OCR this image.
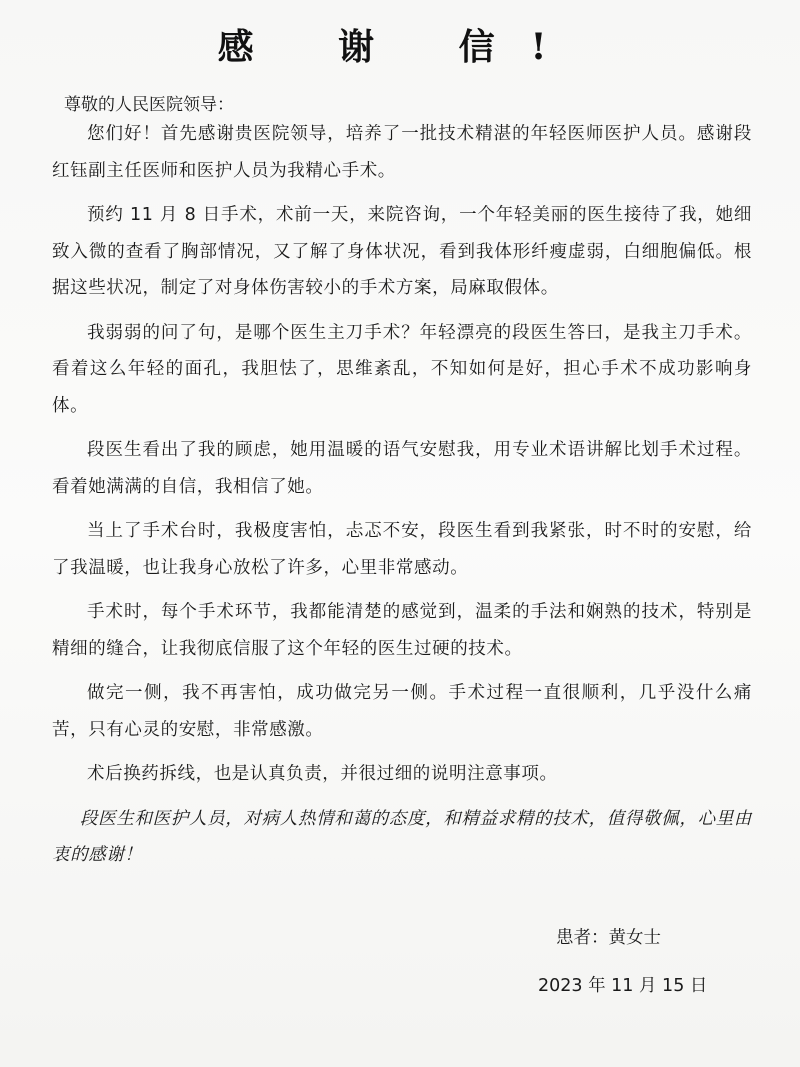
感 谢 信!
尊敬的人民医院领导：

您们好！首先感谢贵医院领导，培养了一批技术精湛的年轻医师医护人员。感谢段红钰副主任医师和医护人员为我精心手术。

预约 11 月 8 日手术，术前一天，来院咨询，一个年轻美丽的医生接待了我，她细致入微的查看了胸部情况，又了解了身体状况，看到我体形纤瘦虚弱，白细胞偏低。根据这些状况，制定了对身体伤害较小的手术方案，局麻取假体。

我弱弱的问了句，是哪个医生主刀手术？年轻漂亮的段医生答曰，是我主刀手术。看着这么年轻的面孔，我胆怯了，思维紊乱，不知如何是好，担心手术不成功影响身体。

段医生看出了我的顾虑，她用温暖的语气安慰我，用专业术语讲解比划手术过程。看着她满满的自信，我相信了她。

当上了手术台时，我极度害怕，忐忑不安，段医生看到我紧张，时不时的安慰，给了我温暖，也让我身心放松了许多，心里非常感动。

手术时，每个手术环节，我都能清楚的感觉到，温柔的手法和娴熟的技术，特别是精细的缝合，让我彻底信服了这个年轻的医生过硬的技术。

做完一侧，我不再害怕，成功做完另一侧。手术过程一直很顺利，几乎没什么痛苦，只有心灵的安慰，非常感激。

术后换药拆线，也是认真负责，并很过细的说明注意事项。

段医生和医护人员，对病人热情和蔼的态度，和精益求精的技术，值得敬佩，心里由衷的感谢！

患者：黄女士
2023 年 11 月 15 日
